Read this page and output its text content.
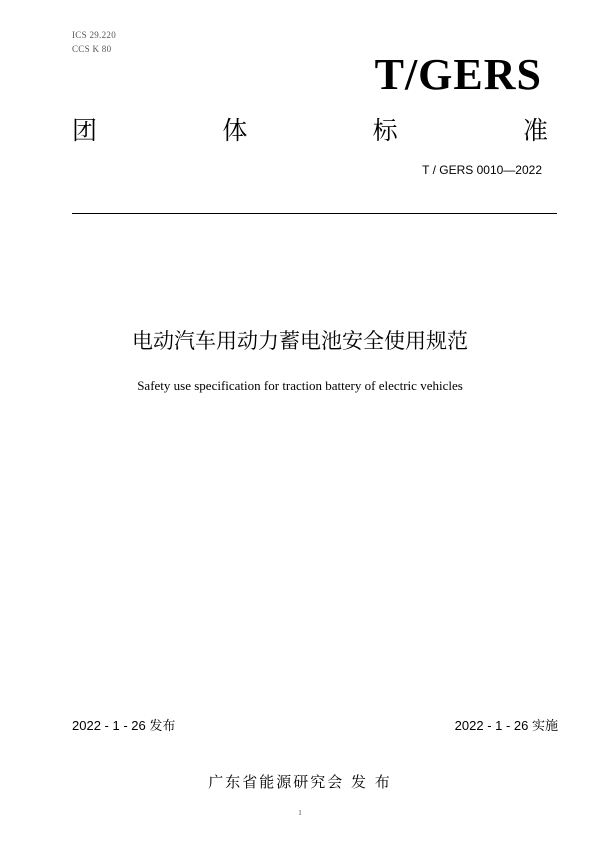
ICS 29.220
CCS K 80
T/GERS
团	体	标	准
T / GERS 0010—2022
电动汽车用动力蓄电池安全使用规范
Safety use specification for traction battery of electric vehicles
2022 - 1 - 26 发布	2022 - 1 - 26 实施
广东省能源研究会 发 布
1
